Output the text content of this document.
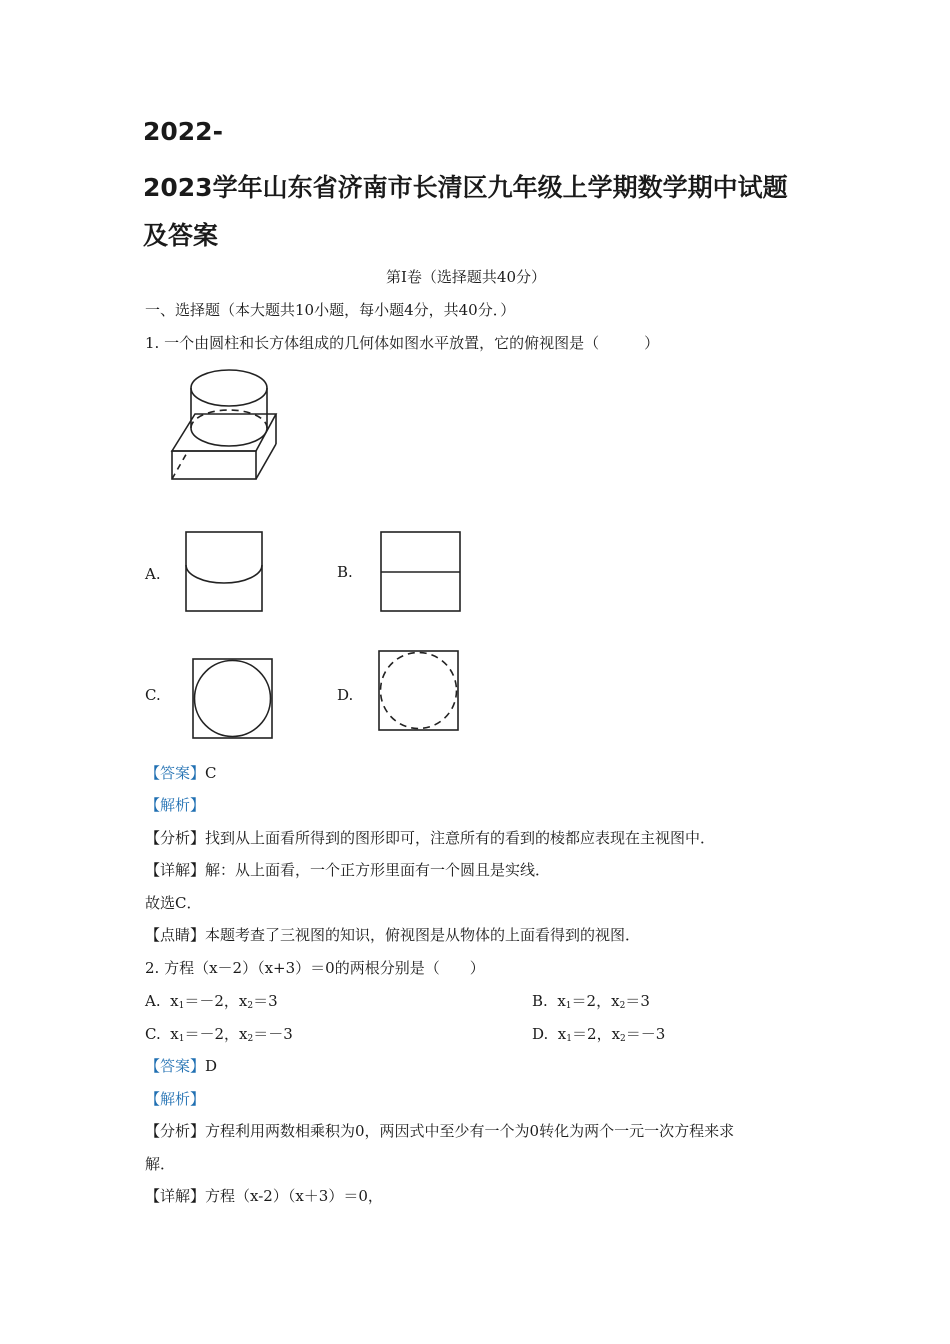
2022-
2023学年山东省济南市长清区九年级上学期数学期中试题
及答案
第Ⅰ卷（选择题共40分）
一、选择题（本大题共10小题，每小题4分，共40分．）
1. 一个由圆柱和长方体组成的几何体如图水平放置，它的俯视图是（　　　）
A.	B.
C.	D.
【答案】C
【解析】
【分析】找到从上面看所得到的图形即可，注意所有的看到的棱都应表现在主视图中．
【详解】解：从上面看，一个正方形里面有一个圆且是实线．
故选C．
【点睛】本题考查了三视图的知识，俯视图是从物体的上面看得到的视图．
2. 方程（x－2）（x+3）＝0的两根分别是（　　）
A.  $x_1=-2$，$x_2=3$	B.  $x_1=2$，$x_2=3$
C.  $x_1=-2$，$x_2=-3$	D.  $x_1=2$，$x_2=-3$
【答案】D
【解析】
【分析】方程利用两数相乘积为0，两因式中至少有一个为0转化为两个一元一次方程来求
解．
【详解】方程（x-2）（x＋3）＝0，
